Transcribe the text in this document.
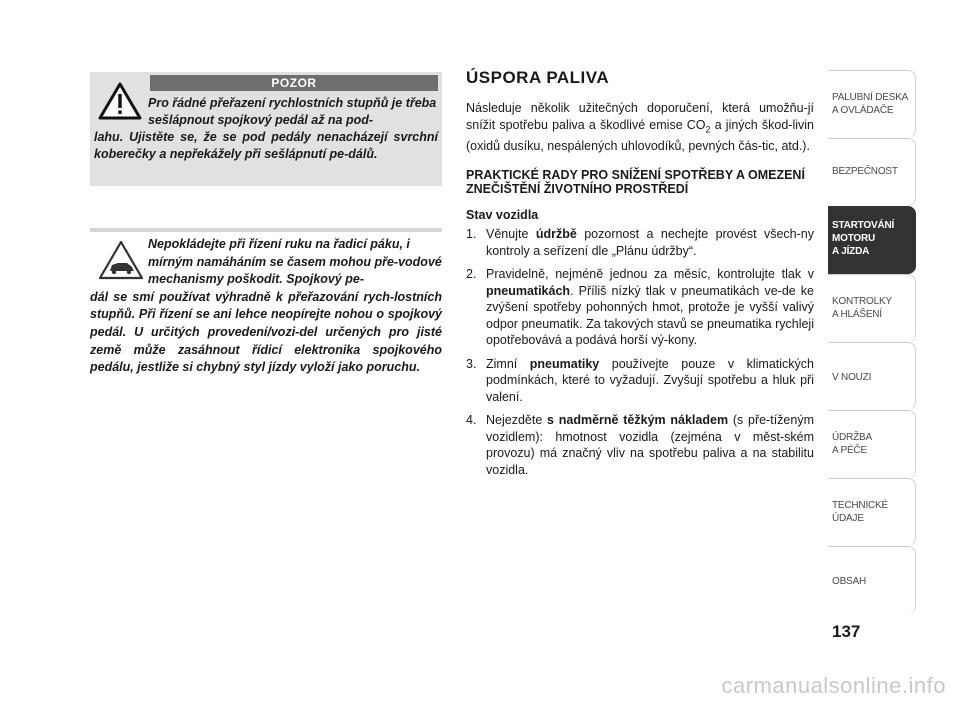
POZOR
Pro řádné přeřazení rychlostních stupňů je třeba sešlápnout spojkový pedál až na pod-
lahu. Ujistěte se, že se pod pedály nenacházejí svrchní koberečky a nepřekážely při sešlápnutí pe-dálů.
Nepokládejte při řízení ruku na řadicí páku, i mírným namáháním se časem mohou pře-vodové mechanismy poškodit. Spojkový pe-
dál se smí používat výhradně k přeřazování rych-lostních stupňů. Při řízení se ani lehce neopírejte nohou o spojkový pedál. U určitých provedení/vozi-del určených pro jisté země může zasáhnout řídicí elektronika spojkového pedálu, jestliže si chybný styl jízdy vyloží jako poruchu.
ÚSPORA PALIVA
Následuje několik užitečných doporučení, která umožňu-jí snížit spotřebu paliva a škodlivé emise $CO_2$ a jiných škod-livin (oxidů dusíku, nespálených uhlovodíků, pevných čás-tic, atd.).
PRAKTICKÉ RADY PRO SNÍŽENÍ SPOTŘEBY A OMEZENÍ ZNEČIŠTĚNÍ ŽIVOTNÍHO PROSTŘEDÍ
Stav vozidla
1. Věnujte údržbě pozornost a nechejte provést všech-ny kontroly a seřízení dle „Plánu údržby“.
2. Pravidelně, nejméně jednou za měsíc, kontrolujte tlak v pneumatikách. Příliš nízký tlak v pneumatikách ve-de ke zvýšení spotřeby pohonných hmot, protože je vyšší valivý odpor pneumatik. Za takových stavů se pneumatika rychleji opotřebovává a podává horší vý-kony.
3. Zimní pneumatiky používejte pouze v klimatických podmínkách, které to vyžadují. Zvyšují spotřebu a hluk při valení.
4. Nejezděte s nadměrně těžkým nákladem (s pře-tíženým vozidlem): hmotnost vozidla (zejména v měst-ském provozu) má značný vliv na spotřebu paliva a na stabilitu vozidla.
PALUBNÍ DESKA
A OVLÁDAČE
BEZPEČNOST
STARTOVÁNÍ
MOTORU
A JÍZDA
KONTROLKY
A HLÁŠENÍ
V NOUZI
ÚDRŽBA
A PÉČE
TECHNICKÉ
ÚDAJE
OBSAH
137
carmanualsonline.info
